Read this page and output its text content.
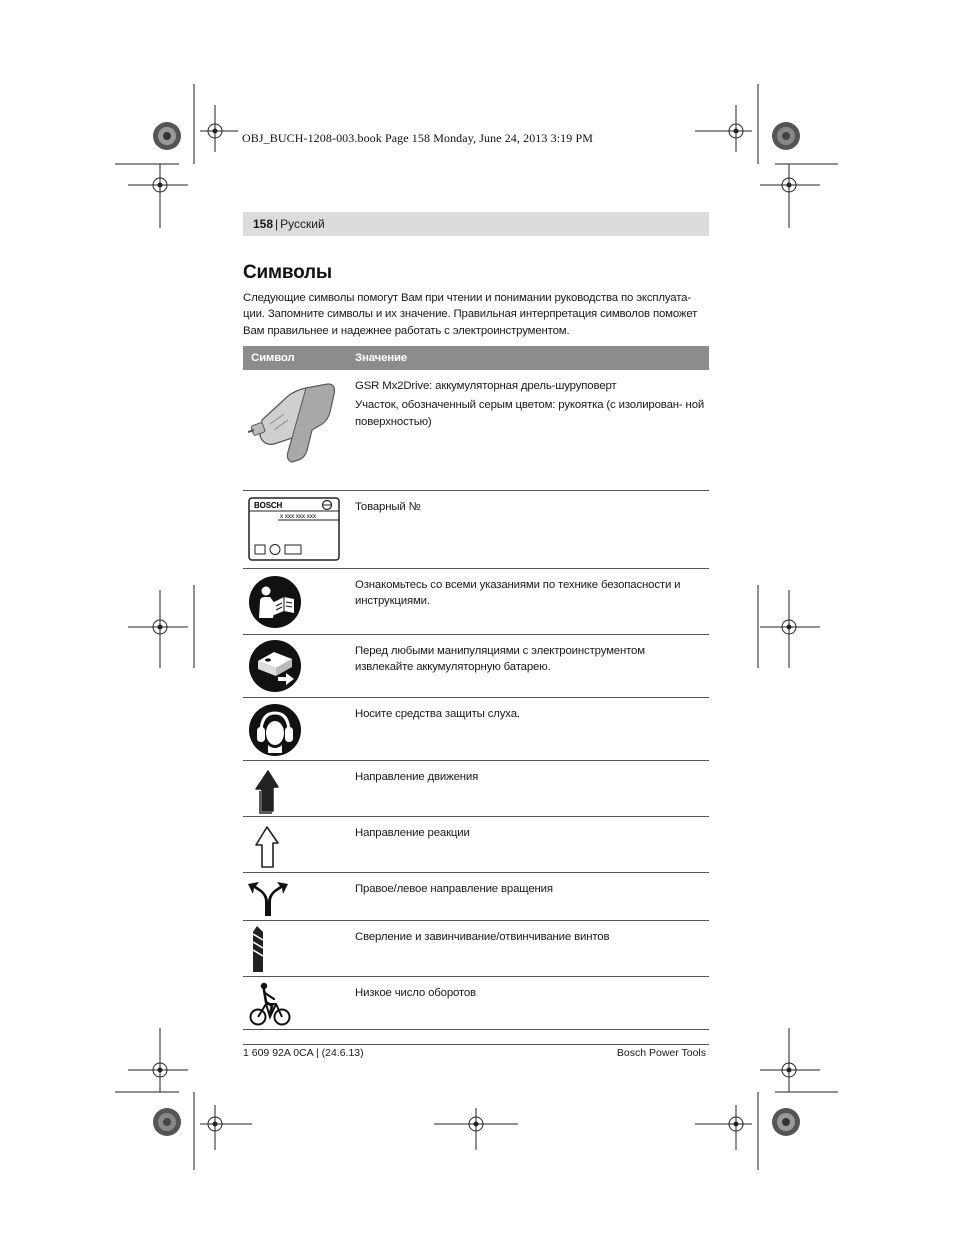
OBJ_BUCH-1208-003.book Page 158 Monday, June 24, 2013 3:19 PM
158 | Русский
Символы
Следующие символы помогут Вам при чтении и понимании руководства по эксплуата-
ции. Запомните символы и их значение. Правильная интерпретация символов поможет
Вам правильнее и надежнее работать с электроинструментом.
Символ	Значение

GSR Mx2Drive: аккумуляторная дрель-шуруповерт
Участок, обозначенный серым цветом: рукоятка (с изолирован- ной поверхностью)

BOSCH
x xxx xxx xxx	Товарный №

Ознакомьтесь со всеми указаниями по технике безопасности и инструкциями.

Перед любыми манипуляциями с электроинструментом извлекайте аккумуляторную батарею.

Носите средства защиты слуха.

Направление движения

Направление реакции

Правое/левое направление вращения

Сверление и завинчивание/отвинчивание винтов

Низкое число оборотов
1 609 92A 0CA | (24.6.13)	Bosch Power Tools
